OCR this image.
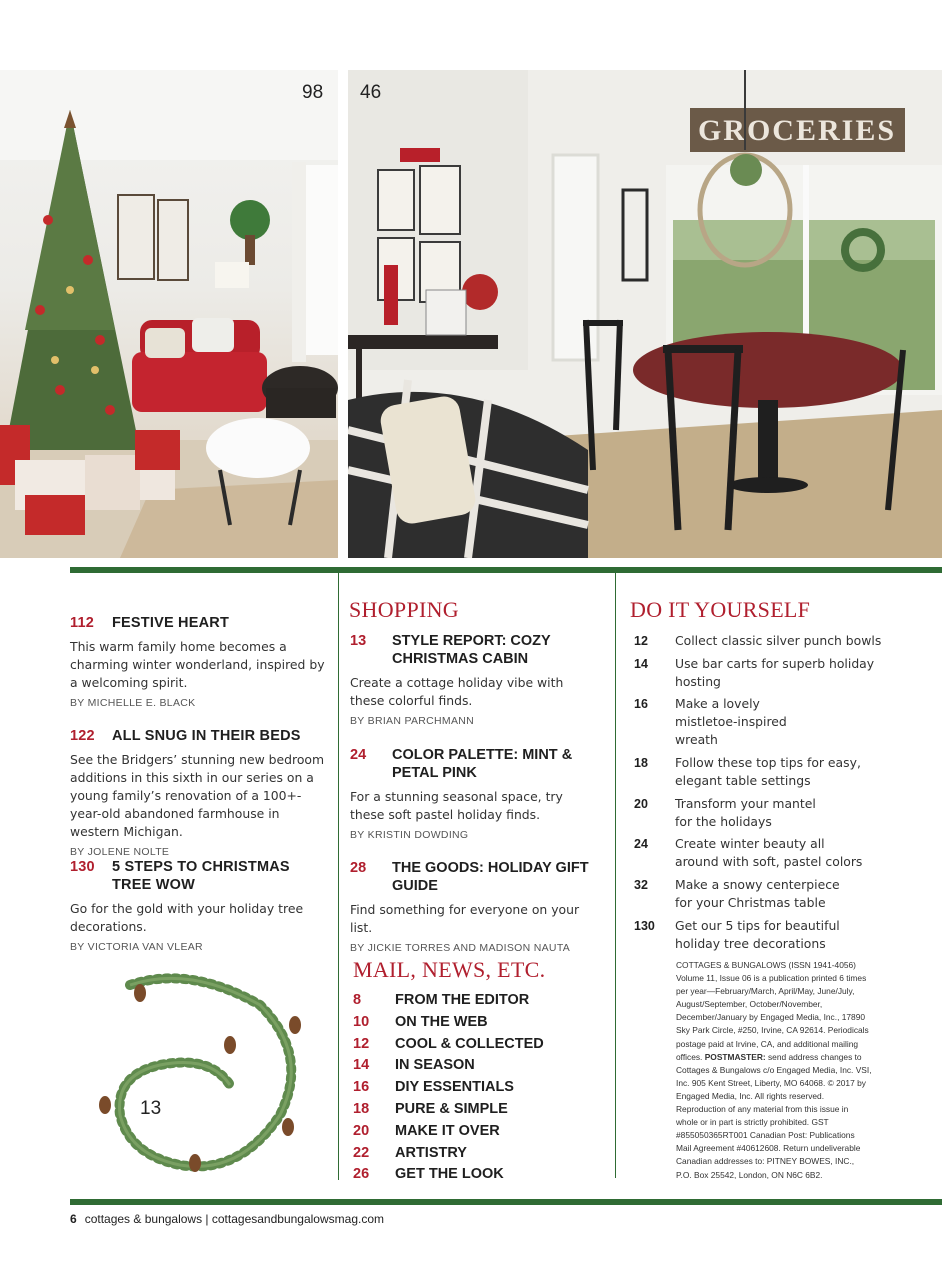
98
GROCERIES
46
112	FESTIVE HEART
This warm family home becomes a charming winter wonderland, inspired by a welcoming spirit.
BY MICHELLE E. BLACK
122	ALL SNUG IN THEIR BEDS
See the Bridgers’ stunning new bedroom additions in this sixth in our series on a young family’s renovation of a 100+-year-old abandoned farmhouse in western Michigan.
BY JOLENE NOLTE
130	5 STEPS TO CHRISTMAS TREE WOW
Go for the gold with your holiday tree decorations.
BY VICTORIA VAN VLEAR
13
SHOPPING
13	STYLE REPORT: COZY CHRISTMAS CABIN
Create a cottage holiday vibe with these colorful finds.
BY BRIAN PARCHMANN
24	COLOR PALETTE: MINT & PETAL PINK
For a stunning seasonal space, try these soft pastel holiday finds.
BY KRISTIN DOWDING
28	THE GOODS: HOLIDAY GIFT GUIDE
Find something for everyone on your list.
BY JICKIE TORRES AND MADISON NAUTA
MAIL, NEWS, ETC.
8	FROM THE EDITOR
10	ON THE WEB
12	COOL & COLLECTED
14	IN SEASON
16	DIY ESSENTIALS
18	PURE & SIMPLE
20	MAKE IT OVER
22	ARTISTRY
26	GET THE LOOK
DO IT YOURSELF
12	Collect classic silver punch bowls
14	Use bar carts for superb holiday hosting
16	Make a lovely mistletoe-inspired wreath
18	Follow these top tips for easy, elegant table settings
20	Transform your mantel for the holidays
24	Create winter beauty all around with soft, pastel colors
32	Make a snowy centerpiece for your Christmas table
130	Get our 5 tips for beautiful holiday tree decorations
COTTAGES & BUNGALOWS (ISSN 1941-4056) Volume 11, Issue 06 is a publication printed 6 times per year—February/March, April/May, June/July, August/September, October/November, December/January by Engaged Media, Inc., 17890 Sky Park Circle, #250, Irvine, CA 92614. Periodicals postage paid at Irvine, CA, and additional mailing offices. POSTMASTER: send address changes to Cottages & Bungalows c/o Engaged Media, Inc. VSI, Inc. 905 Kent Street, Liberty, MO 64068. © 2017 by Engaged Media, Inc. All rights reserved. Reproduction of any material from this issue in whole or in part is strictly prohibited. GST #855050365RT001 Canadian Post: Publications Mail Agreement #40612608. Return undeliverable Canadian addresses to: PITNEY BOWES, INC., P.O. Box 25542, London, ON N6C 6B2.
6 cottages & bungalows | cottagesandbungalowsmag.com
